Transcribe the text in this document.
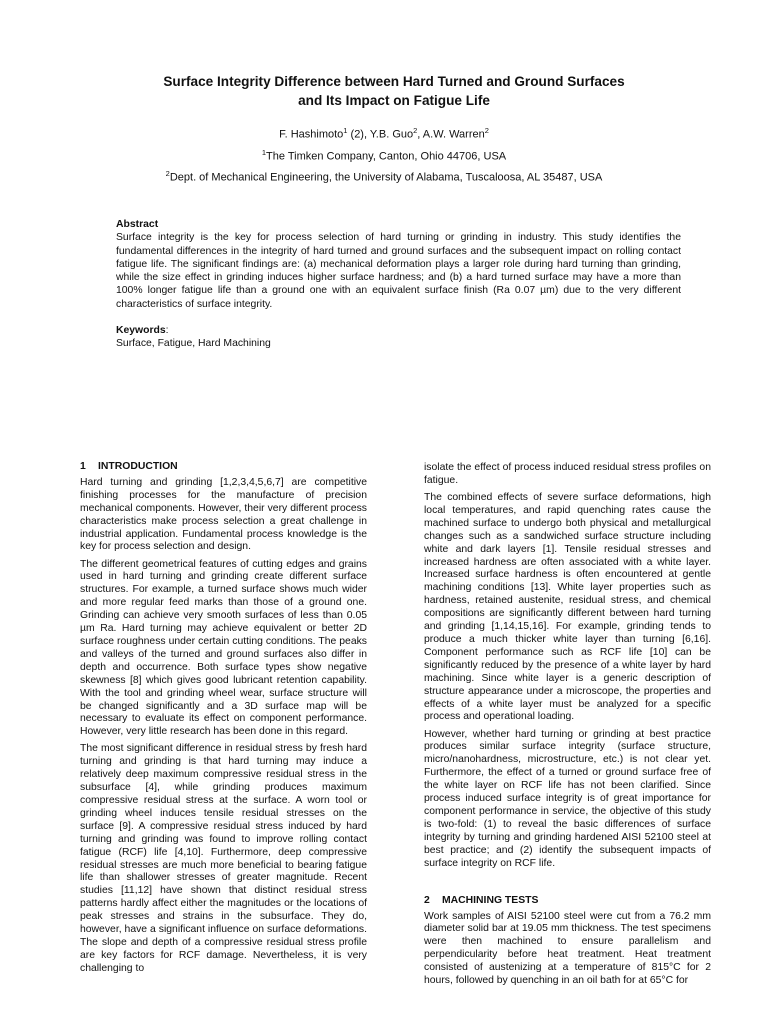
Surface Integrity Difference between Hard Turned and Ground Surfaces
and Its Impact on Fatigue Life
F. Hashimoto$^1$ (2), Y.B. Guo$^2$, A.W. Warren$^2$
$^1$The Timken Company, Canton, Ohio 44706, USA
$^2$Dept. of Mechanical Engineering, the University of Alabama, Tuscaloosa, AL 35487, USA
Abstract

Surface integrity is the key for process selection of hard turning or grinding in industry. This study identifies the fundamental differences in the integrity of hard turned and ground surfaces and the subsequent impact on rolling contact fatigue life. The significant findings are: (a) mechanical deformation plays a larger role during hard turning than grinding, while the size effect in grinding induces higher surface hardness; and (b) a hard turned surface may have a more than 100% longer fatigue life than a ground one with an equivalent surface finish (Ra 0.07 µm) due to the very different characteristics of surface integrity.

Keywords:
Surface, Fatigue, Hard Machining
1 INTRODUCTION

Hard turning and grinding [1,2,3,4,5,6,7] are competitive finishing processes for the manufacture of precision mechanical components. However, their very different process characteristics make process selection a great challenge in industrial application. Fundamental process knowledge is the key for process selection and design.

The different geometrical features of cutting edges and grains used in hard turning and grinding create different surface structures. For example, a turned surface shows much wider and more regular feed marks than those of a ground one. Grinding can achieve very smooth surfaces of less than 0.05 µm Ra. Hard turning may achieve equivalent or better 2D surface roughness under certain cutting conditions. The peaks and valleys of the turned and ground surfaces also differ in depth and occurrence. Both surface types show negative skewness [8] which gives good lubricant retention capability. With the tool and grinding wheel wear, surface structure will be changed significantly and a 3D surface map will be necessary to evaluate its effect on component performance. However, very little research has been done in this regard.

The most significant difference in residual stress by fresh hard turning and grinding is that hard turning may induce a relatively deep maximum compressive residual stress in the subsurface [4], while grinding produces maximum compressive residual stress at the surface. A worn tool or grinding wheel induces tensile residual stresses on the surface [9]. A compressive residual stress induced by hard turning and grinding was found to improve rolling contact fatigue (RCF) life [4,10]. Furthermore, deep compressive residual stresses are much more beneficial to bearing fatigue life than shallower stresses of greater magnitude. Recent studies [11,12] have shown that distinct residual stress patterns hardly affect either the magnitudes or the locations of peak stresses and strains in the subsurface. They do, however, have a significant influence on surface deformations. The slope and depth of a compressive residual stress profile are key factors for RCF damage. Nevertheless, it is very challenging to

isolate the effect of process induced residual stress profiles on fatigue.

The combined effects of severe surface deformations, high local temperatures, and rapid quenching rates cause the machined surface to undergo both physical and metallurgical changes such as a sandwiched surface structure including white and dark layers [1]. Tensile residual stresses and increased hardness are often associated with a white layer. Increased surface hardness is often encountered at gentle machining conditions [13]. White layer properties such as hardness, retained austenite, residual stress, and chemical compositions are significantly different between hard turning and grinding [1,14,15,16]. For example, grinding tends to produce a much thicker white layer than turning [6,16]. Component performance such as RCF life [10] can be significantly reduced by the presence of a white layer by hard machining. Since white layer is a generic description of structure appearance under a microscope, the properties and effects of a white layer must be analyzed for a specific process and operational loading.

However, whether hard turning or grinding at best practice produces similar surface integrity (surface structure, micro/nanohardness, microstructure, etc.) is not clear yet. Furthermore, the effect of a turned or ground surface free of the white layer on RCF life has not been clarified. Since process induced surface integrity is of great importance for component performance in service, the objective of this study is two-fold: (1) to reveal the basic differences of surface integrity by turning and grinding hardened AISI 52100 steel at best practice; and (2) identify the subsequent impacts of surface integrity on RCF life.

2 MACHINING TESTS

Work samples of AISI 52100 steel were cut from a 76.2 mm diameter solid bar at 19.05 mm thickness. The test specimens were then machined to ensure parallelism and perpendicularity before heat treatment. Heat treatment consisted of austenizing at a temperature of 815°C for 2 hours, followed by quenching in an oil bath for at 65°C for
